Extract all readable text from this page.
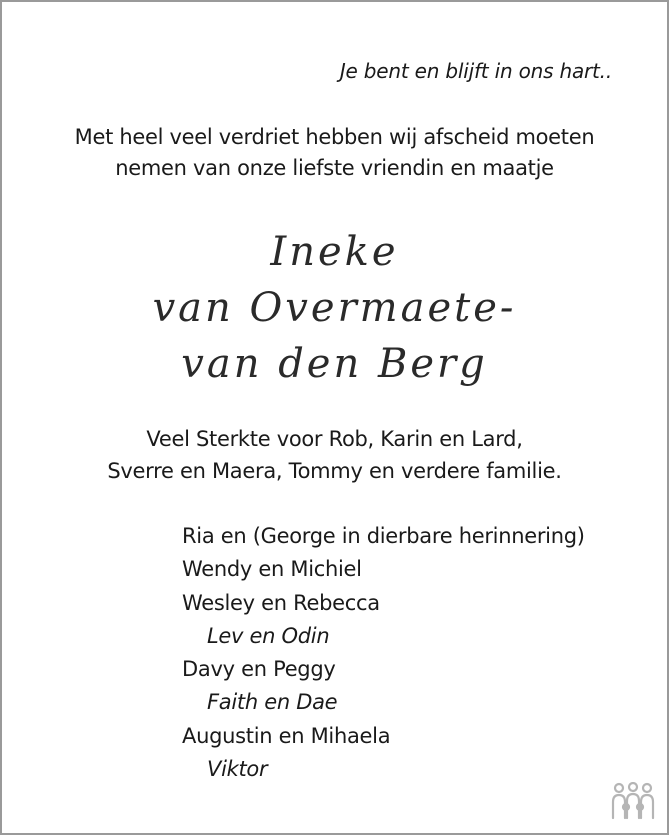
Je bent en blijft in ons hart..
Met heel veel verdriet hebben wij afscheid moeten
nemen van onze liefste vriendin en maatje
Ineke
van Overmaete-
van den Berg
Veel Sterkte voor Rob, Karin en Lard,
Sverre en Maera, Tommy en verdere familie.
Ria en (George in dierbare herinnering)
Wendy en Michiel
Wesley en Rebecca
Lev en Odin
Davy en Peggy
Faith en Dae
Augustin en Mihaela
Viktor
